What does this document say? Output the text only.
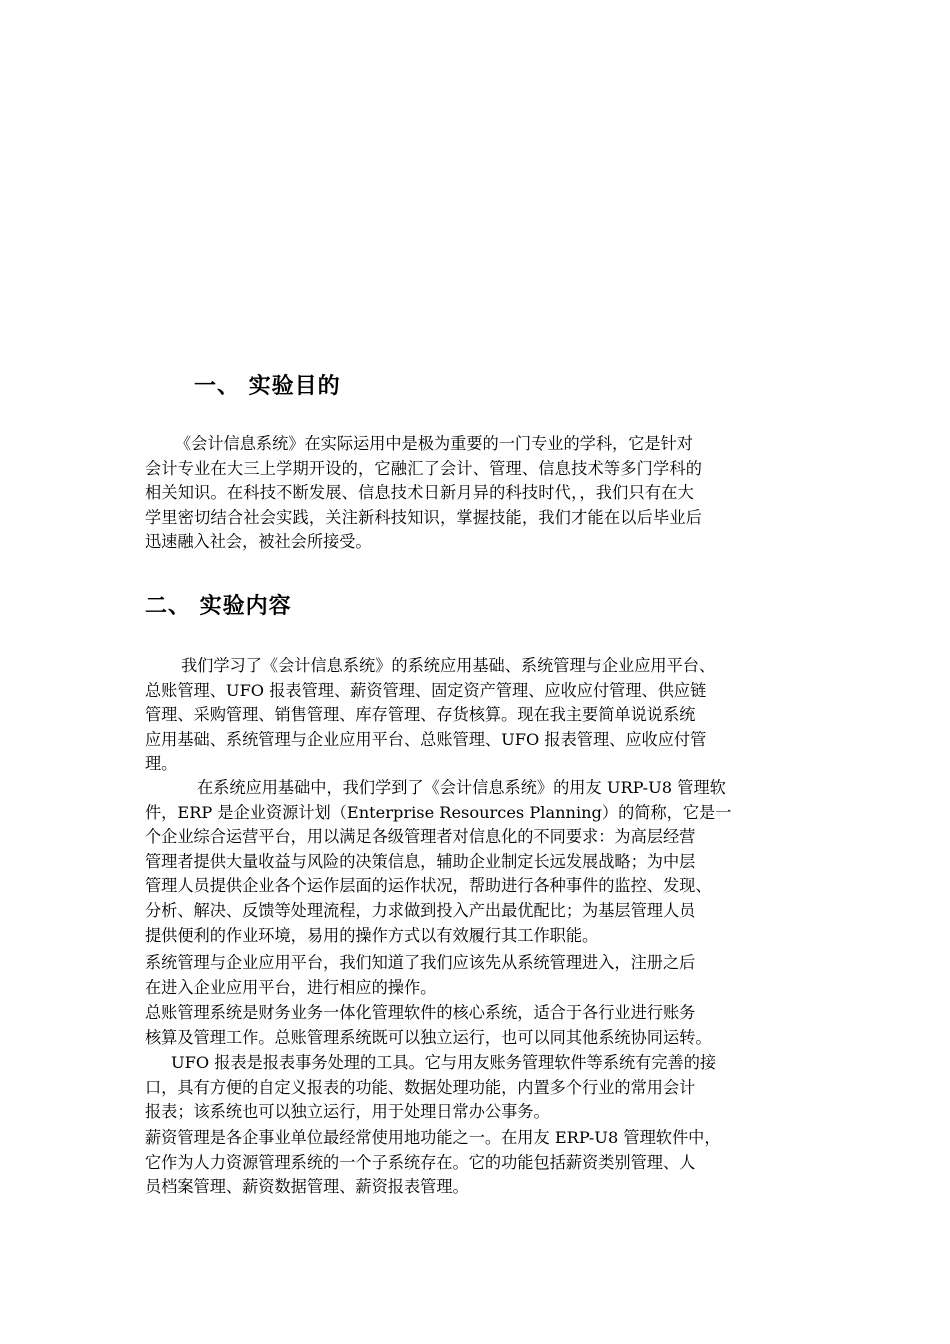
一、 实验目的
《会计信息系统》在实际运用中是极为重要的一门专业的学科，它是针对
会计专业在大三上学期开设的，它融汇了会计、管理、信息技术等多门学科的
相关知识。在科技不断发展、信息技术日新月异的科技时代，，我们只有在大
学里密切结合社会实践，关注新科技知识，掌握技能，我们才能在以后毕业后
迅速融入社会，被社会所接受。
二、 实验内容
我们学习了《会计信息系统》的系统应用基础、系统管理与企业应用平台、
总账管理、UFO 报表管理、薪资管理、固定资产管理、应收应付管理、供应链
管理、采购管理、销售管理、库存管理、存货核算。现在我主要简单说说系统
应用基础、系统管理与企业应用平台、总账管理、UFO 报表管理、应收应付管
理。
在系统应用基础中，我们学到了《会计信息系统》的用友 URP-U8 管理软
件，ERP 是企业资源计划（Enterprise Resources Planning）的简称，它是一
个企业综合运营平台，用以满足各级管理者对信息化的不同要求：为高层经营
管理者提供大量收益与风险的决策信息，辅助企业制定长远发展战略；为中层
管理人员提供企业各个运作层面的运作状况，帮助进行各种事件的监控、发现、
分析、解决、反馈等处理流程，力求做到投入产出最优配比；为基层管理人员
提供便利的作业环境，易用的操作方式以有效履行其工作职能。
系统管理与企业应用平台，我们知道了我们应该先从系统管理进入，注册之后
在进入企业应用平台，进行相应的操作。
总账管理系统是财务业务一体化管理软件的核心系统，适合于各行业进行账务
核算及管理工作。总账管理系统既可以独立运行，也可以同其他系统协同运转。
UFO 报表是报表事务处理的工具。它与用友账务管理软件等系统有完善的接
口，具有方便的自定义报表的功能、数据处理功能，内置多个行业的常用会计
报表；该系统也可以独立运行，用于处理日常办公事务。
薪资管理是各企事业单位最经常使用地功能之一。在用友 ERP-U8 管理软件中，
它作为人力资源管理系统的一个子系统存在。它的功能包括薪资类别管理、人
员档案管理、薪资数据管理、薪资报表管理。
